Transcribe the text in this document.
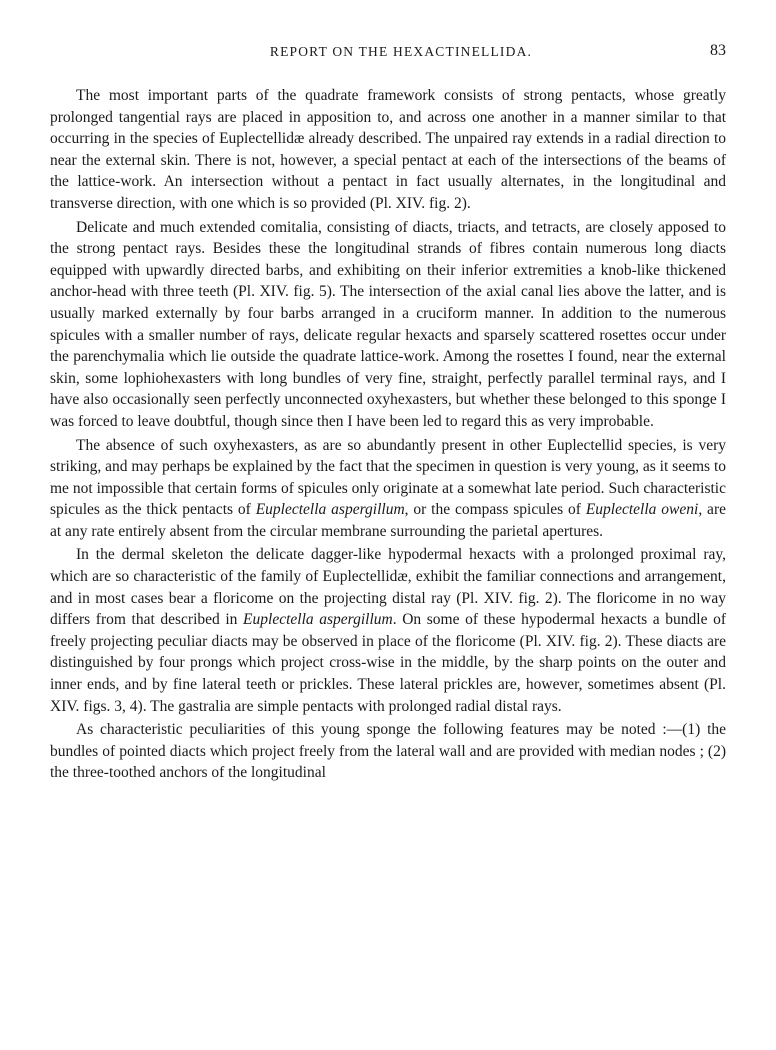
REPORT ON THE HEXACTINELLIDA.	83

The most important parts of the quadrate framework consists of strong pentacts, whose greatly prolonged tangential rays are placed in apposition to, and across one another in a manner similar to that occurring in the species of Euplectellidæ already described. The unpaired ray extends in a radial direction to near the external skin. There is not, however, a special pentact at each of the intersections of the beams of the lattice-work. An intersection without a pentact in fact usually alternates, in the longitudinal and transverse direction, with one which is so provided (Pl. XIV. fig. 2).

Delicate and much extended comitalia, consisting of diacts, triacts, and tetracts, are closely apposed to the strong pentact rays. Besides these the longitudinal strands of fibres contain numerous long diacts equipped with upwardly directed barbs, and exhibiting on their inferior extremities a knob-like thickened anchor-head with three teeth (Pl. XIV. fig. 5). The intersection of the axial canal lies above the latter, and is usually marked externally by four barbs arranged in a cruciform manner. In addition to the numerous spicules with a smaller number of rays, delicate regular hexacts and sparsely scattered rosettes occur under the parenchymalia which lie outside the quadrate lattice-work. Among the rosettes I found, near the external skin, some lophiohexasters with long bundles of very fine, straight, perfectly parallel terminal rays, and I have also occasionally seen perfectly unconnected oxyhexasters, but whether these belonged to this sponge I was forced to leave doubtful, though since then I have been led to regard this as very improbable.

The absence of such oxyhexasters, as are so abundantly present in other Euplectellid species, is very striking, and may perhaps be explained by the fact that the specimen in question is very young, as it seems to me not impossible that certain forms of spicules only originate at a somewhat late period. Such characteristic spicules as the thick pentacts of Euplectella aspergillum, or the compass spicules of Euplectella oweni, are at any rate entirely absent from the circular membrane surrounding the parietal apertures.

In the dermal skeleton the delicate dagger-like hypodermal hexacts with a prolonged proximal ray, which are so characteristic of the family of Euplectellidæ, exhibit the familiar connections and arrangement, and in most cases bear a floricome on the projecting distal ray (Pl. XIV. fig. 2). The floricome in no way differs from that described in Euplectella aspergillum. On some of these hypodermal hexacts a bundle of freely projecting peculiar diacts may be observed in place of the floricome (Pl. XIV. fig. 2). These diacts are distinguished by four prongs which project cross-wise in the middle, by the sharp points on the outer and inner ends, and by fine lateral teeth or prickles. These lateral prickles are, however, sometimes absent (Pl. XIV. figs. 3, 4). The gastralia are simple pentacts with prolonged radial distal rays.

As characteristic peculiarities of this young sponge the following features may be noted :—(1) the bundles of pointed diacts which project freely from the lateral wall and are provided with median nodes ; (2) the three-toothed anchors of the longitudinal
